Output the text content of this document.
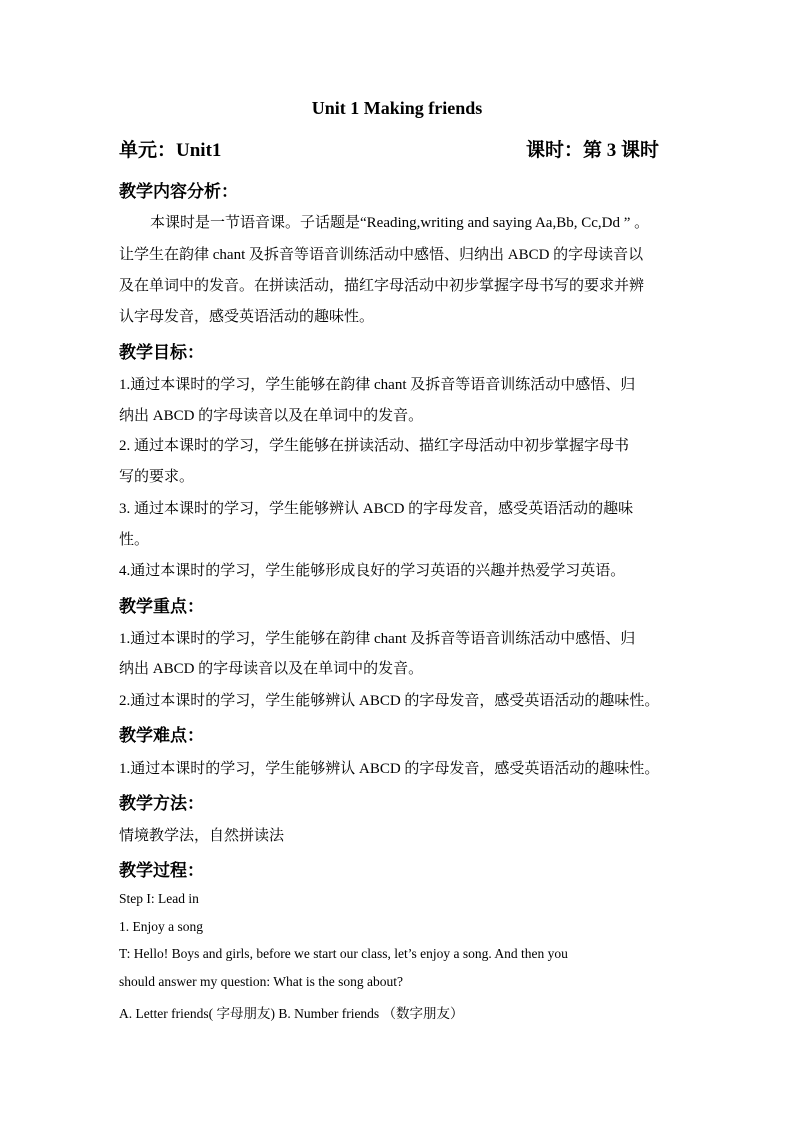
Unit 1 Making friends
单元：Unit1	课时：第 3 课时
教学内容分析：
本课时是一节语音课。子话题是“Reading,writing and saying Aa,Bb, Cc,Dd ” 。
让学生在韵律 chant 及拆音等语音训练活动中感悟、归纳出 ABCD 的字母读音以
及在单词中的发音。在拼读活动，描红字母活动中初步掌握字母书写的要求并辨
认字母发音，感受英语活动的趣味性。
教学目标：
1.通过本课时的学习，学生能够在韵律 chant 及拆音等语音训练活动中感悟、归
纳出 ABCD 的字母读音以及在单词中的发音。
2. 通过本课时的学习，学生能够在拼读活动、描红字母活动中初步掌握字母书
写的要求。
3. 通过本课时的学习，学生能够辨认 ABCD 的字母发音，感受英语活动的趣味
性。
4.通过本课时的学习，学生能够形成良好的学习英语的兴趣并热爱学习英语。
教学重点：
1.通过本课时的学习，学生能够在韵律 chant 及拆音等语音训练活动中感悟、归
纳出 ABCD 的字母读音以及在单词中的发音。
2.通过本课时的学习，学生能够辨认 ABCD 的字母发音，感受英语活动的趣味性。
教学难点：
1.通过本课时的学习，学生能够辨认 ABCD 的字母发音，感受英语活动的趣味性。
教学方法：
情境教学法，自然拼读法
教学过程：
Step I: Lead in
1. Enjoy a song
T: Hello! Boys and girls, before we start our class, let’s enjoy a song. And then you
should answer my question: What is the song about?
A. Letter friends( 字母朋友) B. Number friends （数字朋友）
